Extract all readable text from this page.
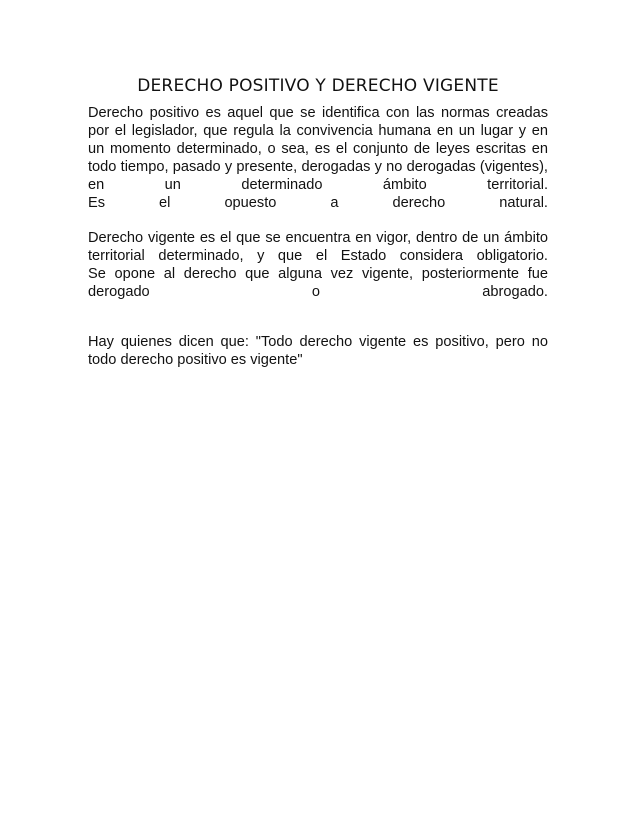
DERECHO POSITIVO Y DERECHO VIGENTE
Derecho positivo es aquel que se identifica con las normas creadas
por el legislador, que regula la convivencia humana en un lugar y en
un momento determinado, o sea, es el conjunto de leyes escritas en
todo tiempo, pasado y presente, derogadas y no derogadas (vigentes),
en un determinado ámbito territorial.
Es el opuesto a derecho natural.
Derecho vigente es el que se encuentra en vigor, dentro de un ámbito
territorial determinado, y que el Estado considera obligatorio.
Se opone al derecho que alguna vez vigente, posteriormente fue
derogado o abrogado.
Hay quienes dicen que: "Todo derecho vigente es positivo, pero no
todo derecho positivo es vigente"
